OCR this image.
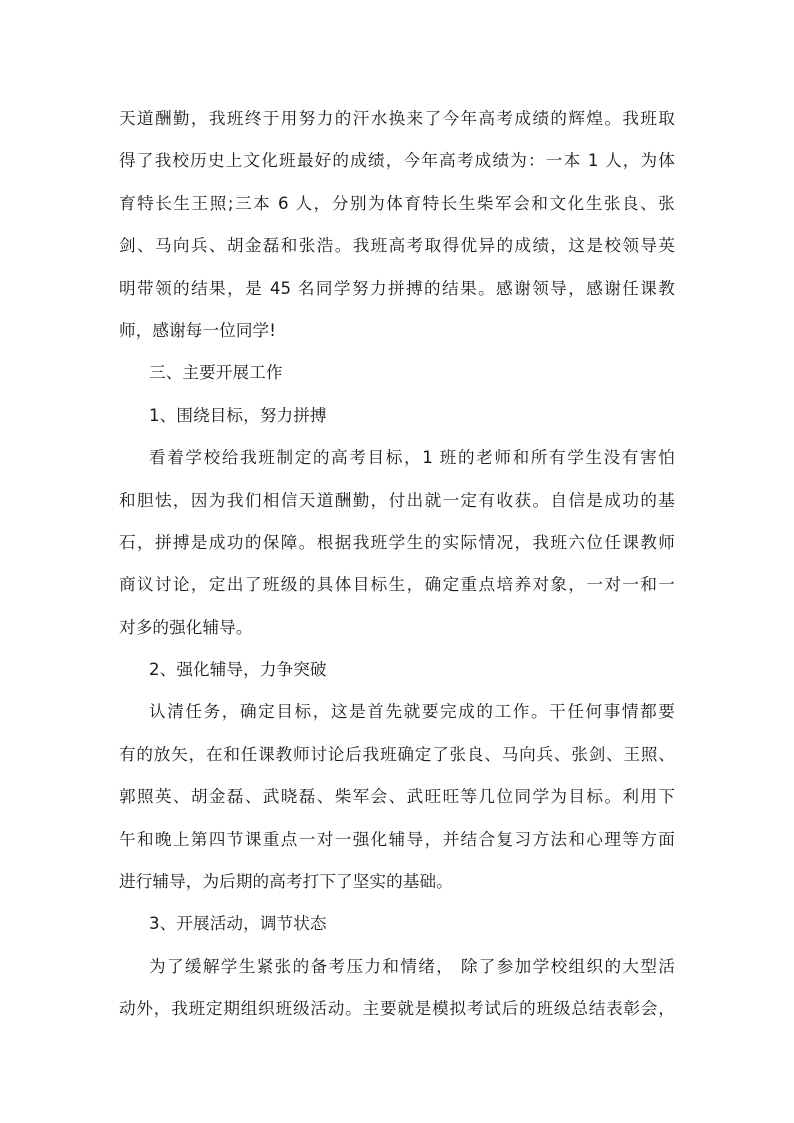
天道酬勤，我班终于用努力的汗水换来了今年高考成绩的辉煌。我班取
得了我校历史上文化班最好的成绩，今年高考成绩为：一本 1 人，为体
育特长生王照;三本 6 人，分别为体育特长生柴军会和文化生张良、张
剑、马向兵、胡金磊和张浩。我班高考取得优异的成绩，这是校领导英
明带领的结果，是 45 名同学努力拼搏的结果。感谢领导，感谢任课教
师，感谢每一位同学!
三、主要开展工作
1、围绕目标，努力拼搏
看着学校给我班制定的高考目标，1 班的老师和所有学生没有害怕
和胆怯，因为我们相信天道酬勤，付出就一定有收获。自信是成功的基
石，拼搏是成功的保障。根据我班学生的实际情况，我班六位任课教师
商议讨论，定出了班级的具体目标生，确定重点培养对象，一对一和一
对多的强化辅导。
2、强化辅导，力争突破
认清任务，确定目标，这是首先就要完成的工作。干任何事情都要
有的放矢，在和任课教师讨论后我班确定了张良、马向兵、张剑、王照、
郭照英、胡金磊、武晓磊、柴军会、武旺旺等几位同学为目标。利用下
午和晚上第四节课重点一对一强化辅导，并结合复习方法和心理等方面
进行辅导，为后期的高考打下了坚实的基础。
3、开展活动，调节状态
为了缓解学生紧张的备考压力和情绪， 除了参加学校组织的大型活
动外，我班定期组织班级活动。主要就是模拟考试后的班级总结表彰会，
